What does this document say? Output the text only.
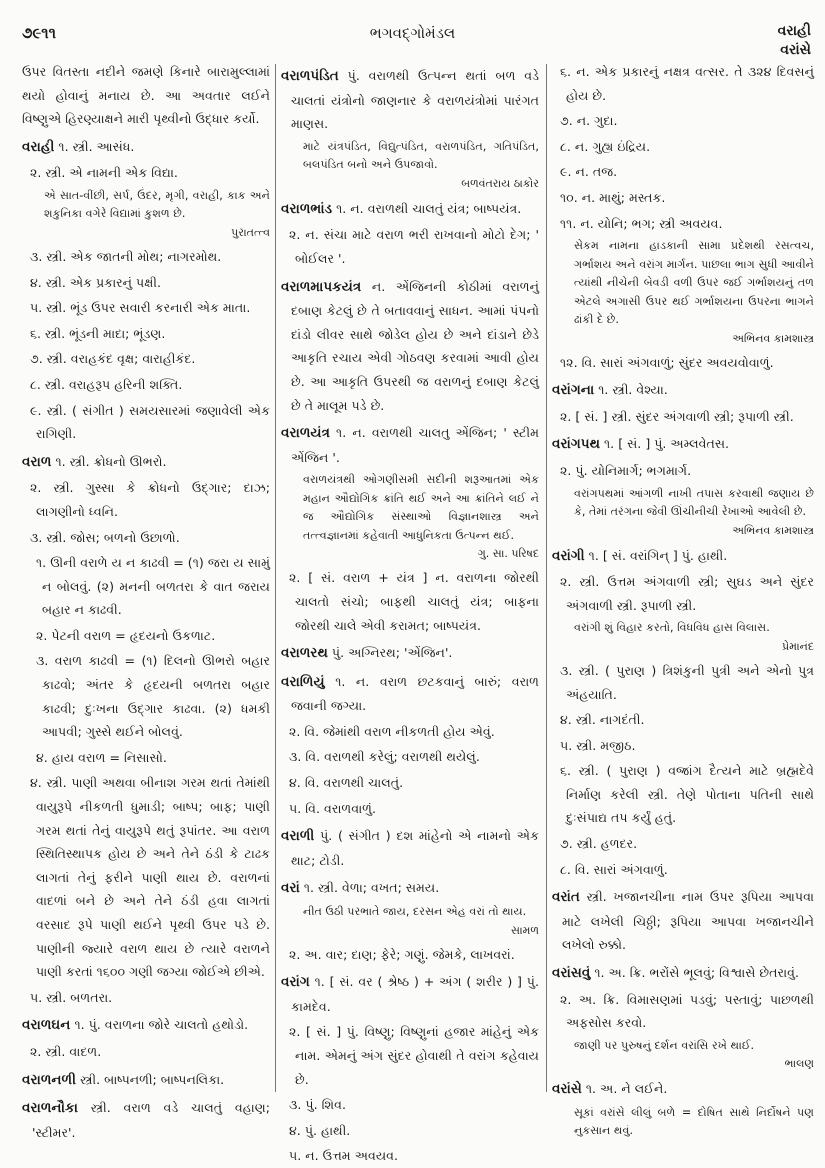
૭૯૧૧	ભગવદ્ગોમંડલ	વરાહી
વરાંસે
ઉપર વિતસ્તા નદીને જમણે કિનારે બારામુલ્લામાં થયો હોવાનું મનાય છે. આ અવતાર લઈને વિષ્ણુએ હિરણ્યાક્ષને મારી પૃથ્વીનો ઉદ્ધાર કર્યો.
વરાહી ૧. સ્ત્રી. આસંધ.
૨. સ્ત્રી. એ નામની એક વિદ્યા.
એ સાત-વીંછી, સર્પ, ઉંદર, મૃગી, વરાહી, કાક અને શકુનિકા વગેરે વિદ્યામાં કુશળ છે.
પુરાતત્ત્વ
૩. સ્ત્રી. એક જાતની મોથ; નાગરમોથ.
૪. સ્ત્રી. એક પ્રકારનું પક્ષી.
૫. સ્ત્રી. ભૂંડ ઉપર સવારી કરનારી એક માતા.
૬. સ્ત્રી. ભૂંડની માદા; ભૂંડણ.
૭. સ્ત્રી. વરાહકંદ વૃક્ષ; વારાહીકંદ.
૮. સ્ત્રી. વરાહરૂપ હરિની શક્તિ.
૯. સ્ત્રી. ( સંગીત ) સમયસારમાં જણાવેલી એક રાગિણી.
વરાળ ૧. સ્ત્રી. ક્રોધનો ઊભરો.
૨. સ્ત્રી. ગુસ્સા કે ક્રોધનો ઉદ્ગાર; દાઝ; લાગણીનો ધ્વનિ.
૩. સ્ત્રી. જોસ; બળનો ઉછાળો.
૧. ઊની વરાળે ય ન કાઢવી = (૧) જરા ય સામું ન બોલવું. (૨) મનની બળતરા કે વાત જરાય બહાર ન કાઢવી.
૨. પેટની વરાળ = હૃદયનો ઉકળાટ.
૩. વરાળ કાઢવી = (૧) દિલનો ઊભરો બહાર કાઢવો; અંતર કે હૃદયની બળતરા બહાર કાઢવી; દુઃખના ઉદ્ગાર કાઢવા. (૨) ધમકી આપવી; ગુસ્સે થઈને બોલવું.
૪. હાય વરાળ = નિસાસો.
૪. સ્ત્રી. પાણી અથવા બીનાશ ગરમ થતાં તેમાંથી વાયુરૂપે નીકળતી ધુમાડી; બાષ્પ; બાફ; પાણી ગરમ થતાં તેનું વાયુરૂપે થતું રૂપાંતર. આ વરાળ સ્થિતિસ્થાપક હોય છે અને તેને ઠંડી કે ટાઢક લાગતાં તેનું ફરીને પાણી થાય છે. વરાળનાં વાદળાં બને છે અને તેને ઠંડી હવા લાગતાં વરસાદ રૂપે પાણી થઈને પૃથ્વી ઉપર પડે છે. પાણીની જ્યારે વરાળ થાય છે ત્યારે વરાળને પાણી કરતાં ૧૬૦૦ ગણી જગ્યા જોઈએ છીએ.
૫. સ્ત્રી. બળતરા.
વરાળઘન ૧. પું. વરાળના જોરે ચાલતો હથોડો.
૨. સ્ત્રી. વાદળ.
વરાળનળી સ્ત્રી. બાષ્પનળી; બાષ્પનલિકા.
વરાળનૌકા સ્ત્રી. વરાળ વડે ચાલતું વહાણ; 'સ્ટીમર'.
વરાળપંડિત પું. વરાળથી ઉત્પન્ન થતાં બળ વડે ચાલતાં યંત્રોનો જાણનાર કે વરાળયંત્રોમાં પારંગત માણસ.
માટે યંત્રપંડિત, વિદ્યુત્પંડિત, વરાળપંડિત, ગતિપંડિત, બલપંડિત બનો અને ઉપજાવો.
બળવંતરાય ઠાકોર
વરાળભાંડ ૧. ન. વરાળથી ચાલતું યંત્ર; બાષ્પયંત્ર.
૨. ન. સંચા માટે વરાળ ભરી રાખવાનો મોટો દેગ; ' બોઈલર '.
વરાળમાપકયંત્ર ન. એંજિનની કોઠીમાં વરાળનું દબાણ કેટલું છે તે બતાવવાનું સાધન. આમાં પંપનો દાંડો લીવર સાથે જોડેલ હોય છે અને દાંડાને છેડે આકૃતિ રચાય એવી ગોઠવણ કરવામાં આવી હોય છે. આ આકૃતિ ઉપરથી જ વરાળનું દબાણ કેટલું છે તે માલૂમ પડે છે.
વરાળયંત્ર ૧. ન. વરાળથી ચાલતુ એંજિન; ' સ્ટીમ એંજિન '.
વરાળયંત્રથી ઓગણીસમી સદીની શરૂઆતમાં એક મહાન ઔદ્યોગિક ક્રાંતિ થઈ અને આ ક્રાંતિને લઈ ને જ ઔદ્યોગિક સંસ્થાઓ વિજ્ઞાનશાસ્ત્ર અને તત્ત્વજ્ઞાનમાં કહેવાતી આધુનિકતા ઉત્પન્ન થઈ.
ગુ. સા. પરિષદ
૨. [ સં. વરાળ + યંત્ર ] ન. વરાળના જોરથી ચાલતો સંચો; બાફથી ચાલતું યંત્ર; બાફના જોરથી ચાલે એવી કરામત; બાષ્પયંત્ર.
વરાળરથ પું. અગ્નિરથ; 'એંજિન'.
વરાળિયું ૧. ન. વરાળ છટકવાનું બારું; વરાળ જવાની જગ્યા.
૨. વિ. જેમાંથી વરાળ નીકળતી હોય એવું.
૩. વિ. વરાળથી કરેલું; વરાળથી થયેલું.
૪. વિ. વરાળથી ચાલતું.
૫. વિ. વરાળવાળું.
વરાળી પું. ( સંગીત ) દશ માંહેનો એ નામનો એક થાટ; ટોડી.
વરાં ૧. સ્ત્રી. વેળા; વખત; સમય.
નીત ઉઠી પરભાતે જાય, દરસન એહ વરાં તો થાય.
સામળ
૨. અ. વાર; દાણ; ફેરે; ગણું. જેમકે, લાખવરાં.
વરાંગ ૧. [ સં. વર ( શ્રેષ્ઠ ) + અંગ ( શરીર ) ] પું. કામદેવ.
૨. [ સં. ] પું. વિષ્ણુ; વિષ્ણુનાં હજાર માંહેનું એક નામ. એમનું અંગ સુંદર હોવાથી તે વરાંગ કહેવાય છે.
૩. પું. શિવ.
૪. પું. હાથી.
૫. ન. ઉત્તમ અવયવ.
૬. ન. એક પ્રકારનું નક્ષત્ર વત્સર. તે ૩૨૪ દિવસનું હોય છે.
૭. ન. ગુદા.
૮. ન. ગુહ્ય ઇંદ્રિય.
૯. ન. તજ.
૧૦. ન. માથું; મસ્તક.
૧૧. ન. યોનિ; ભગ; સ્ત્રી અવયવ.
સેકમ નામના હાડકાની સામા પ્રદેશથી રસત્વચ, ગર્ભાશય અને વરાંગ માર્ગન. પાછલા ભાગ સુધી આવીને ત્યાંથી નીચેની બેવડી વળી ઉપર જઈ ગર્ભાશયનું તળ એટલે અગાસી ઉપર થઈ ગર્ભાશયના ઉપરના ભાગને ઢાંકી દે છે.
અભિનવ કામશાસ્ત્ર
૧૨. વિ. સારાં અંગવાળું; સુંદર અવયવોવાળું.
વરાંગના ૧. સ્ત્રી. વેશ્યા.
૨. [ સં. ] સ્ત્રી. સુંદર અંગવાળી સ્ત્રી; રૂપાળી સ્ત્રી.
વરાંગપથ ૧. [ સં. ] પું. અમ્લવેતસ.
૨. પું. યોનિમાર્ગ; ભગમાર્ગ.
વરાંગપથમાં આંગળી નાખી તપાસ કરવાથી જણાય છે કે, તેમાં તરંગના જેવી ઊંચીનીચી રેખાઓ આવેલી છે.
અભિનવ કામશાસ્ત્ર
વરાંગી ૧. [ સં. વરાંગિન્ ] પું. હાથી.
૨. સ્ત્રી. ઉત્તમ અંગવાળી સ્ત્રી; સુઘડ અને સુંદર અંગવાળી સ્ત્રી. રૂપાળી સ્ત્રી.
વરાંગી શું વિહાર કરતો, વિધવિધ હાસ વિલાસ.
પ્રેમાનંદ
૩. સ્ત્રી. ( પુરાણ ) ત્રિશંકુની પુત્રી અને એનો પુત્ર અંહયાતિ.
૪. સ્ત્રી. નાગદંતી.
૫. સ્ત્રી. મજીઠ.
૬. સ્ત્રી. ( પુરાણ ) વજ્રાંગ દૈત્યને માટે બ્રહ્મદેવે નિર્માણ કરેલી સ્ત્રી. તેણે પોતાના પતિની સાથે દુઃસંપાદ્ય તપ કર્યું હતું.
૭. સ્ત્રી. હળદર.
૮. વિ. સારાં અંગવાળું.
વરાંત સ્ત્રી. ખજાનચીના નામ ઉપર રૂપિયા આપવા માટે લખેલી ચિઠ્ઠી; રૂપિયા આપવા ખજાનચીને લખેલો રુક્કો.
વરાંસવું ૧. અ. ક્રિ. ભરોંસે ભૂલવું; વિશ્વાસે છેતરાવું.
૨. અ. ક્રિ. વિમાસણમાં પડવું; પસ્તાવું; પાછળથી અફસોસ કરવો.
જાણી પર પુરુષનું દર્શન વરાંસિ રખે થાઈ.
ભાલણ
વરાંસે ૧. અ. ને લઈને.
સૂકાં વરાંસે લીલું બળે = દોષિત સાથે નિર્દોષને પણ નુકસાન થવું.
